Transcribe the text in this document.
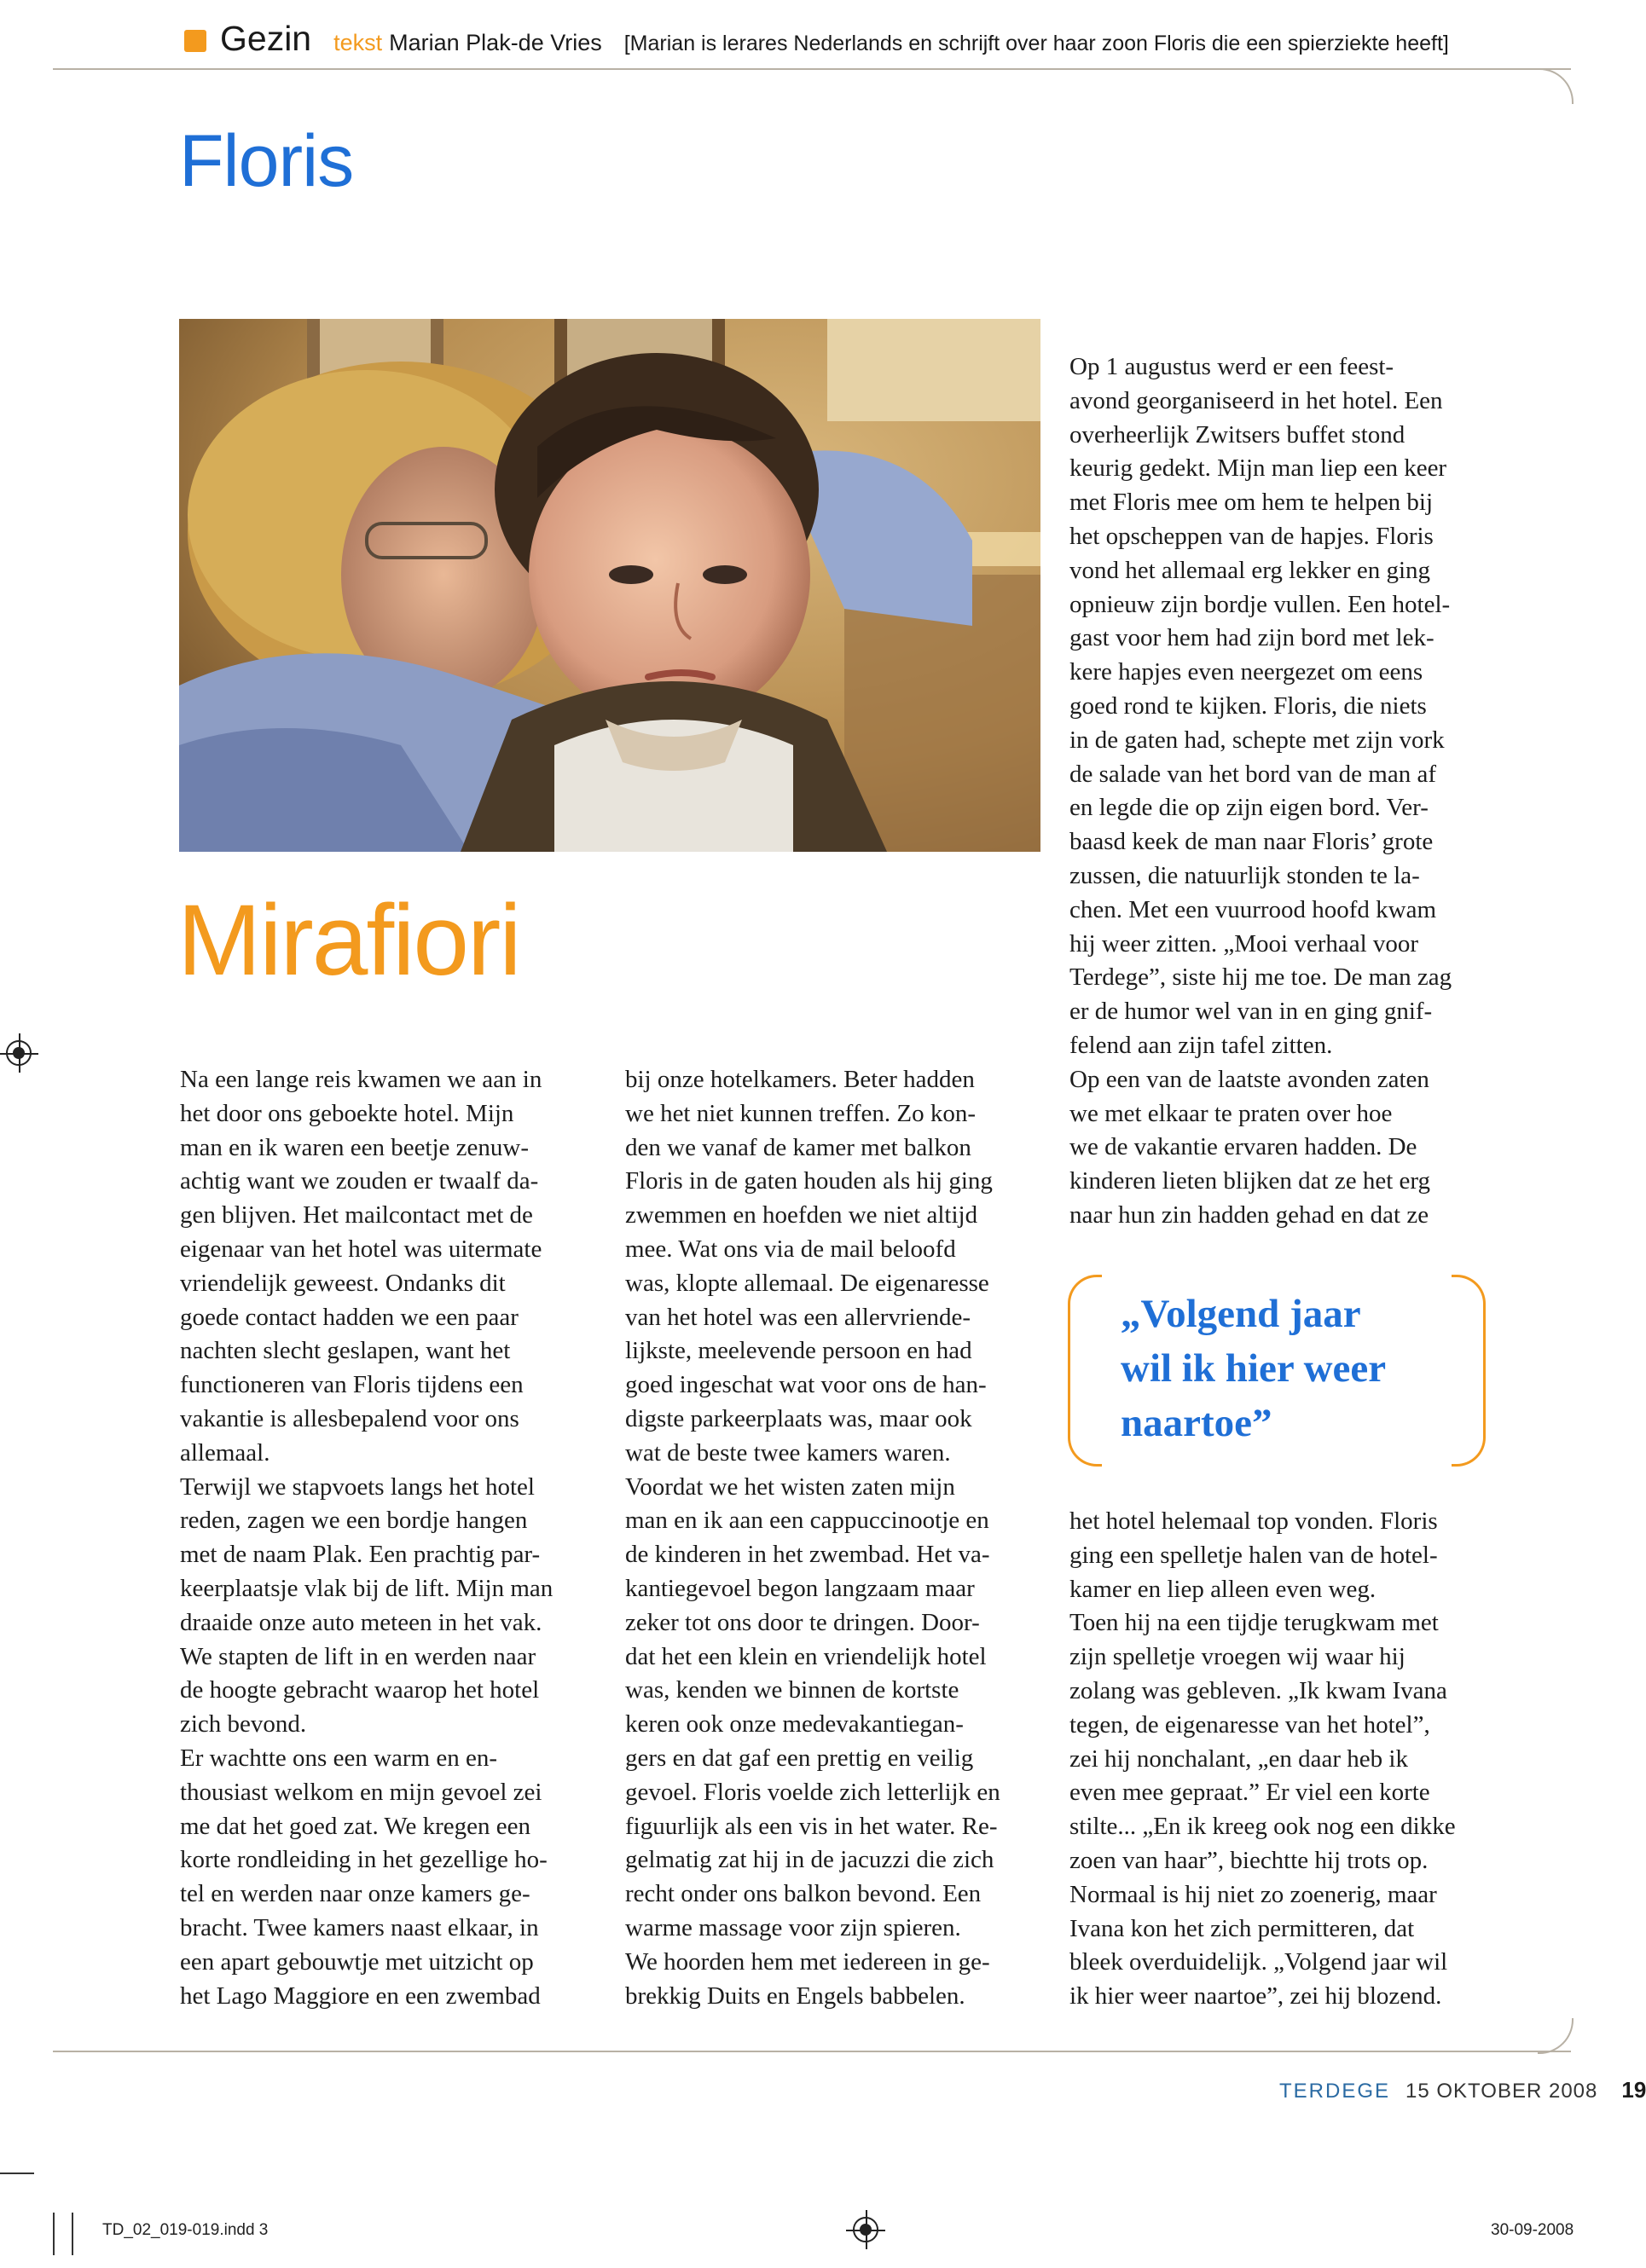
Gezin tekst Marian Plak-de Vries [Marian is lerares Nederlands en schrijft over haar zoon Floris die een spierziekte heeft]
Floris
Mirafiori
Na een lange reis kwamen we aan in
het door ons geboekte hotel. Mijn
man en ik waren een beetje zenuw-
achtig want we zouden er twaalf da-
gen blijven. Het mailcontact met de
eigenaar van het hotel was uitermate
vriendelijk geweest. Ondanks dit
goede contact hadden we een paar
nachten slecht geslapen, want het
functioneren van Floris tijdens een
vakantie is allesbepalend voor ons
allemaal.
Terwijl we stapvoets langs het hotel
reden, zagen we een bordje hangen
met de naam Plak. Een prachtig par-
keerplaatsje vlak bij de lift. Mijn man
draaide onze auto meteen in het vak.
We stapten de lift in en werden naar
de hoogte gebracht waarop het hotel
zich bevond.
Er wachtte ons een warm en en-
thousiast welkom en mijn gevoel zei
me dat het goed zat. We kregen een
korte rondleiding in het gezellige ho-
tel en werden naar onze kamers ge-
bracht. Twee kamers naast elkaar, in
een apart gebouwtje met uitzicht op
het Lago Maggiore en een zwembad
bij onze hotelkamers. Beter hadden
we het niet kunnen treffen. Zo kon-
den we vanaf de kamer met balkon
Floris in de gaten houden als hij ging
zwemmen en hoefden we niet altijd
mee. Wat ons via de mail beloofd
was, klopte allemaal. De eigenaresse
van het hotel was een allervriende-
lijkste, meelevende persoon en had
goed ingeschat wat voor ons de han-
digste parkeerplaats was, maar ook
wat de beste twee kamers waren.
Voordat we het wisten zaten mijn
man en ik aan een cappuccinootje en
de kinderen in het zwembad. Het va-
kantiegevoel begon langzaam maar
zeker tot ons door te dringen. Door-
dat het een klein en vriendelijk hotel
was, kenden we binnen de kortste
keren ook onze medevakantiegan-
gers en dat gaf een prettig en veilig
gevoel. Floris voelde zich letterlijk en
figuurlijk als een vis in het water. Re-
gelmatig zat hij in de jacuzzi die zich
recht onder ons balkon bevond. Een
warme massage voor zijn spieren.
We hoorden hem met iedereen in ge-
brekkig Duits en Engels babbelen.
Op 1 augustus werd er een feest-
avond georganiseerd in het hotel. Een
overheerlijk Zwitsers buffet stond
keurig gedekt. Mijn man liep een keer
met Floris mee om hem te helpen bij
het opscheppen van de hapjes. Floris
vond het allemaal erg lekker en ging
opnieuw zijn bordje vullen. Een hotel-
gast voor hem had zijn bord met lek-
kere hapjes even neergezet om eens
goed rond te kijken. Floris, die niets
in de gaten had, schepte met zijn vork
de salade van het bord van de man af
en legde die op zijn eigen bord. Ver-
baasd keek de man naar Floris’ grote
zussen, die natuurlijk stonden te la-
chen. Met een vuurrood hoofd kwam
hij weer zitten. „Mooi verhaal voor
Terdege”, siste hij me toe. De man zag
er de humor wel van in en ging gnif-
felend aan zijn tafel zitten.
Op een van de laatste avonden zaten
we met elkaar te praten over hoe
we de vakantie ervaren hadden. De
kinderen lieten blijken dat ze het erg
naar hun zin hadden gehad en dat ze
het hotel helemaal top vonden. Floris
ging een spelletje halen van de hotel-
kamer en liep alleen even weg.
Toen hij na een tijdje terugkwam met
zijn spelletje vroegen wij waar hij
zolang was gebleven. „Ik kwam Ivana
tegen, de eigenaresse van het hotel”,
zei hij nonchalant, „en daar heb ik
even mee gepraat.” Er viel een korte
stilte... „En ik kreeg ook nog een dikke
zoen van haar”, biechtte hij trots op.
Normaal is hij niet zo zoenerig, maar
Ivana kon het zich permitteren, dat
bleek overduidelijk. „Volgend jaar wil
ik hier weer naartoe”, zei hij blozend.
„Volgend jaar
wil ik hier weer
naartoe”
TERDEGE 15 OKTOBER 2008 19
TD_02_019-019.indd 3	30-09-2008
